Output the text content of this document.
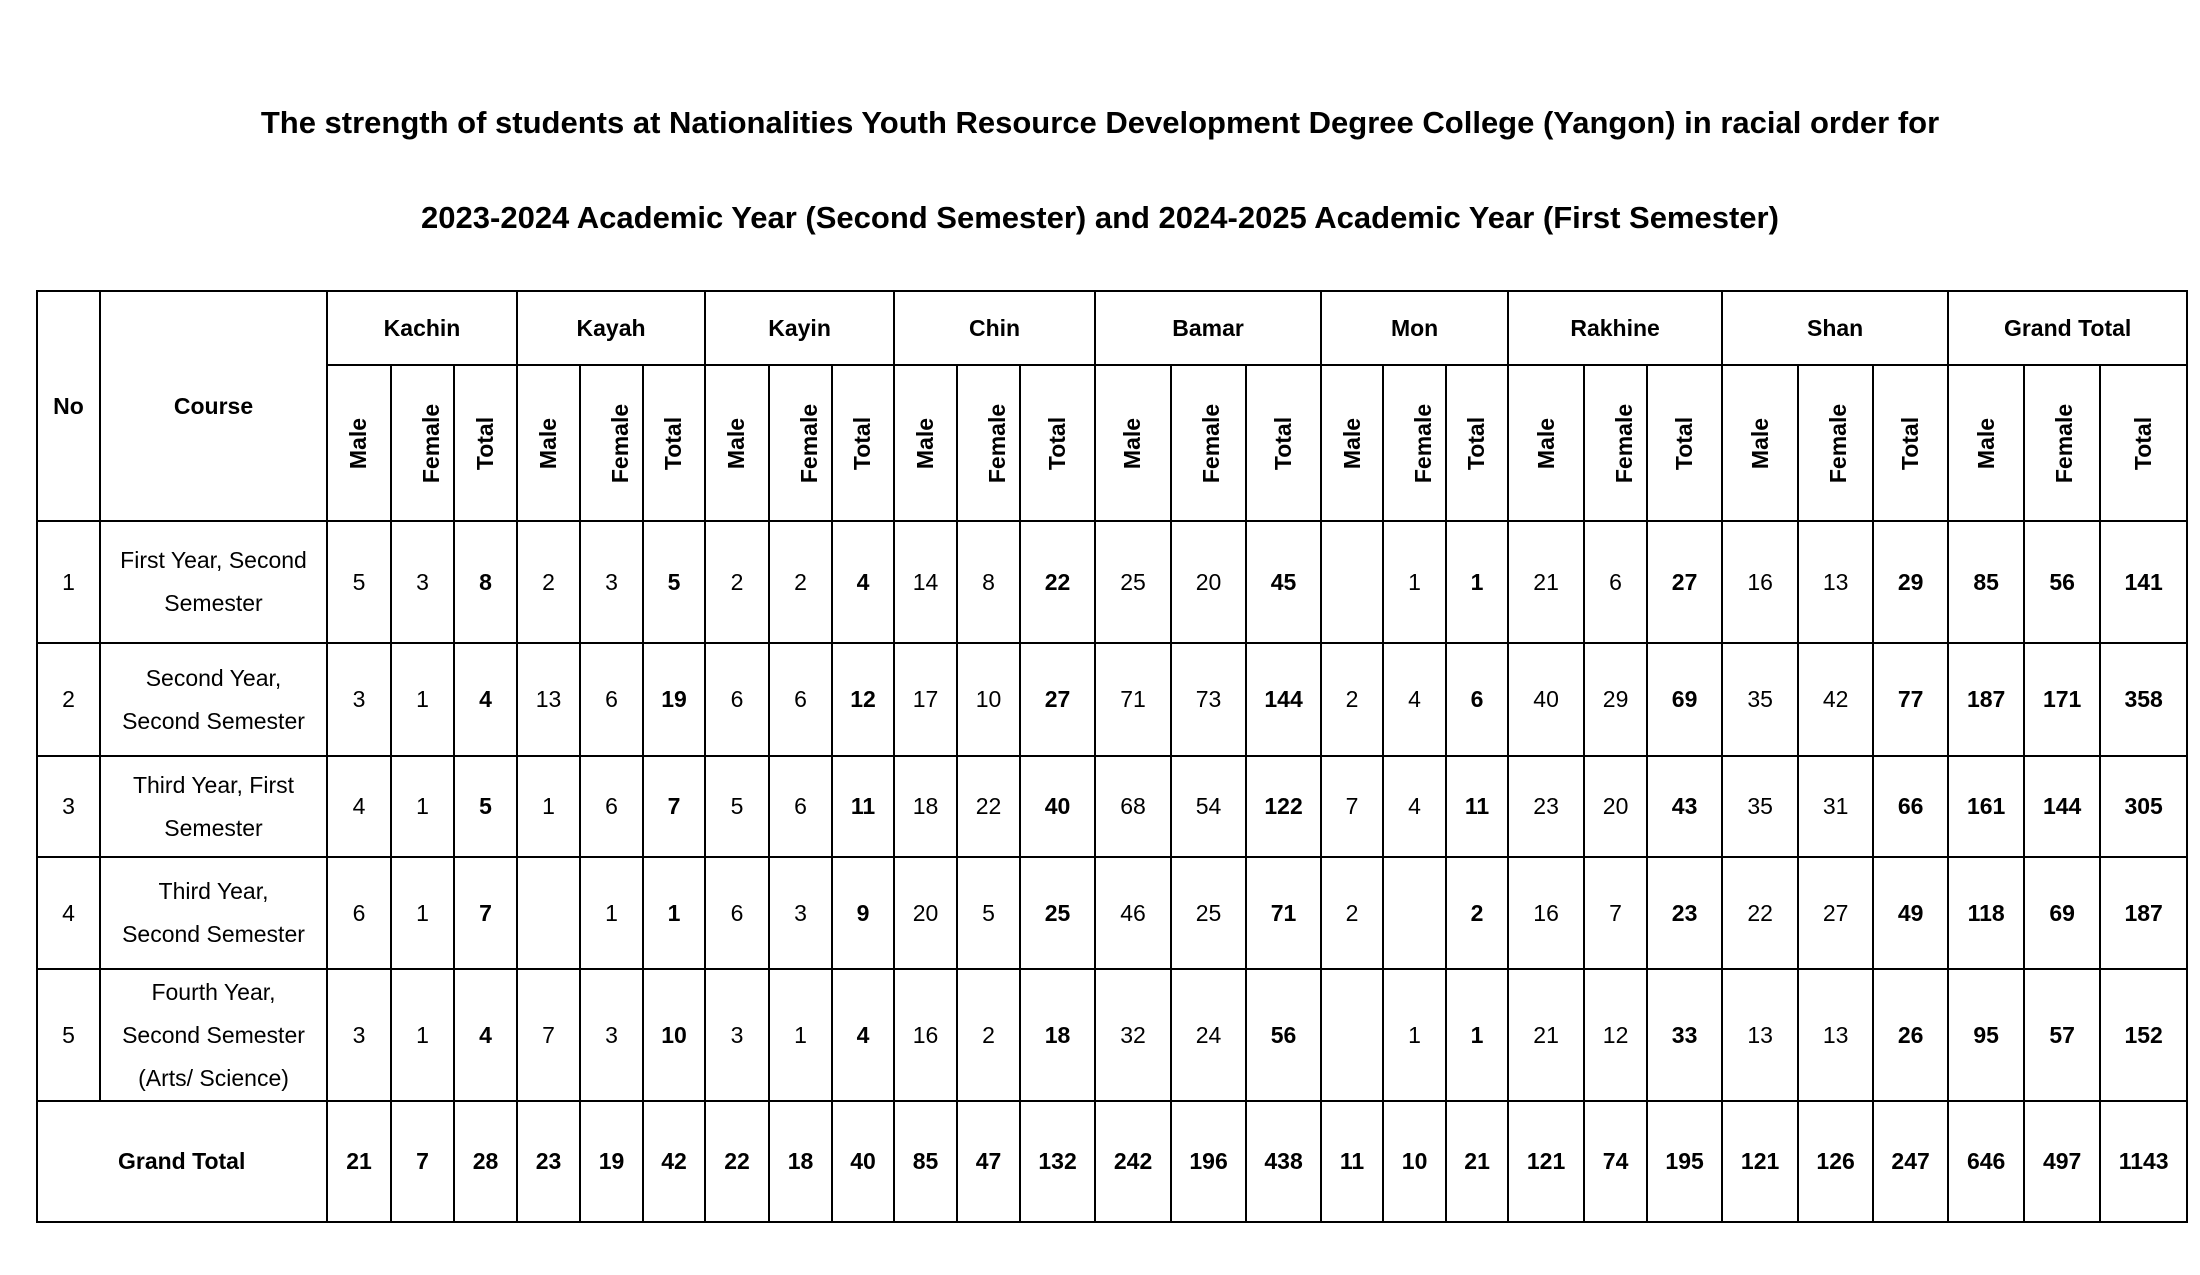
The strength of students at Nationalities Youth Resource Development Degree College (Yangon) in racial order for
2023-2024 Academic Year (Second Semester) and 2024-2025 Academic Year (First Semester)
No	Course	Kachin			Kayah			Kayin			Chin			Bamar			Mon			Rakhine			Shan			Grand Total		
		Male	Female	Total	Male	Female	Total	Male	Female	Total	Male	Female	Total	Male	Female	Total	Male	Female	Total	Male	Female	Total	Male	Female	Total	Male	Female	Total
1	First Year, Second
Semester	5	3	8	2	3	5	2	2	4	14	8	22	25	20	45		1	1	21	6	27	16	13	29	85	56	141
2	Second Year,
Second Semester	3	1	4	13	6	19	6	6	12	17	10	27	71	73	144	2	4	6	40	29	69	35	42	77	187	171	358
3	Third Year, First
Semester	4	1	5	1	6	7	5	6	11	18	22	40	68	54	122	7	4	11	23	20	43	35	31	66	161	144	305
4	Third Year,
Second Semester	6	1	7		1	1	6	3	9	20	5	25	46	25	71	2		2	16	7	23	22	27	49	118	69	187
5	Fourth Year,
Second Semester
(Arts/ Science)	3	1	4	7	3	10	3	1	4	16	2	18	32	24	56		1	1	21	12	33	13	13	26	95	57	152
Grand Total		21	7	28	23	19	42	22	18	40	85	47	132	242	196	438	11	10	21	121	74	195	121	126	247	646	497	1143
